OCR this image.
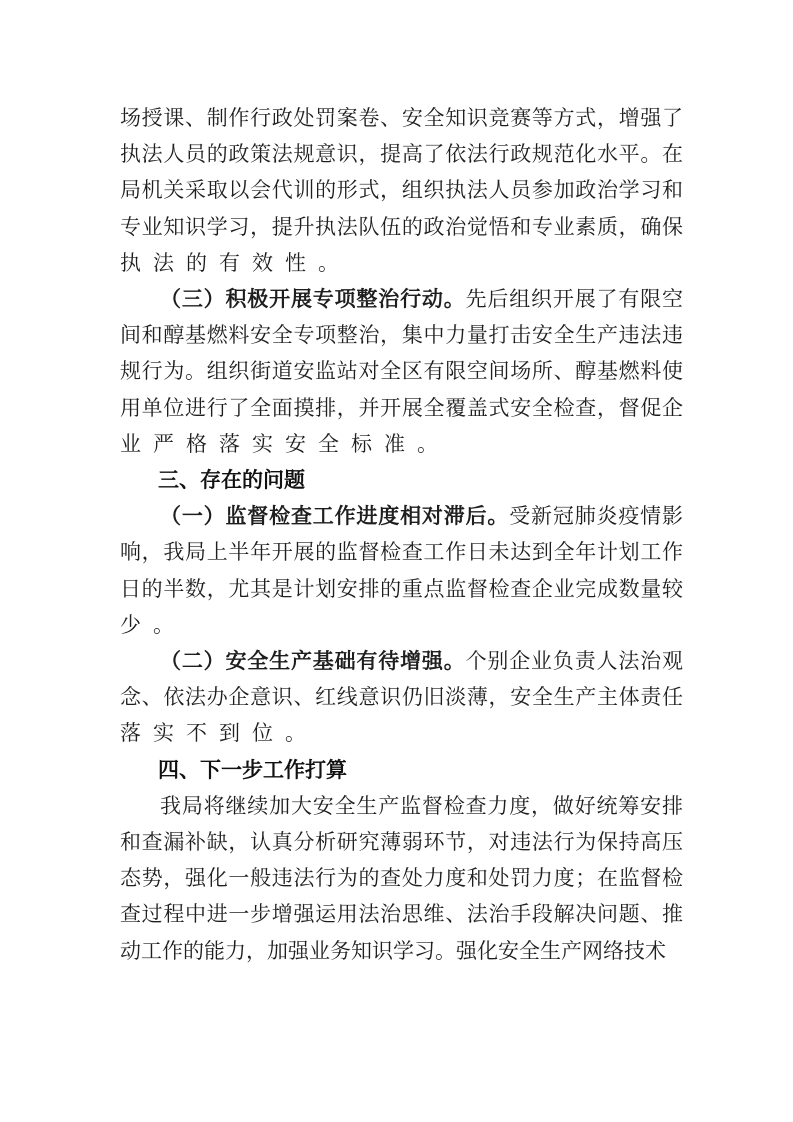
场授课、制作行政处罚案卷、安全知识竞赛等方式，增强了
执法人员的政策法规意识，提高了依法行政规范化水平。在
局机关采取以会代训的形式，组织执法人员参加政治学习和
专业知识学习，提升执法队伍的政治觉悟和专业素质，确保
执法的有效性。
（三）积极开展专项整治行动。先后组织开展了有限空
间和醇基燃料安全专项整治，集中力量打击安全生产违法违
规行为。组织街道安监站对全区有限空间场所、醇基燃料使
用单位进行了全面摸排，并开展全覆盖式安全检查，督促企
业严格落实安全标准。
三、存在的问题
（一）监督检查工作进度相对滞后。受新冠肺炎疫情影
响，我局上半年开展的监督检查工作日未达到全年计划工作
日的半数，尤其是计划安排的重点监督检查企业完成数量较
少。
（二）安全生产基础有待增强。个别企业负责人法治观
念、依法办企意识、红线意识仍旧淡薄，安全生产主体责任
落实不到位。
四、下一步工作打算
我局将继续加大安全生产监督检查力度，做好统筹安排
和查漏补缺，认真分析研究薄弱环节，对违法行为保持高压
态势，强化一般违法行为的查处力度和处罚力度；在监督检
查过程中进一步增强运用法治思维、法治手段解决问题、推
动工作的能力，加强业务知识学习。强化安全生产网络技术
